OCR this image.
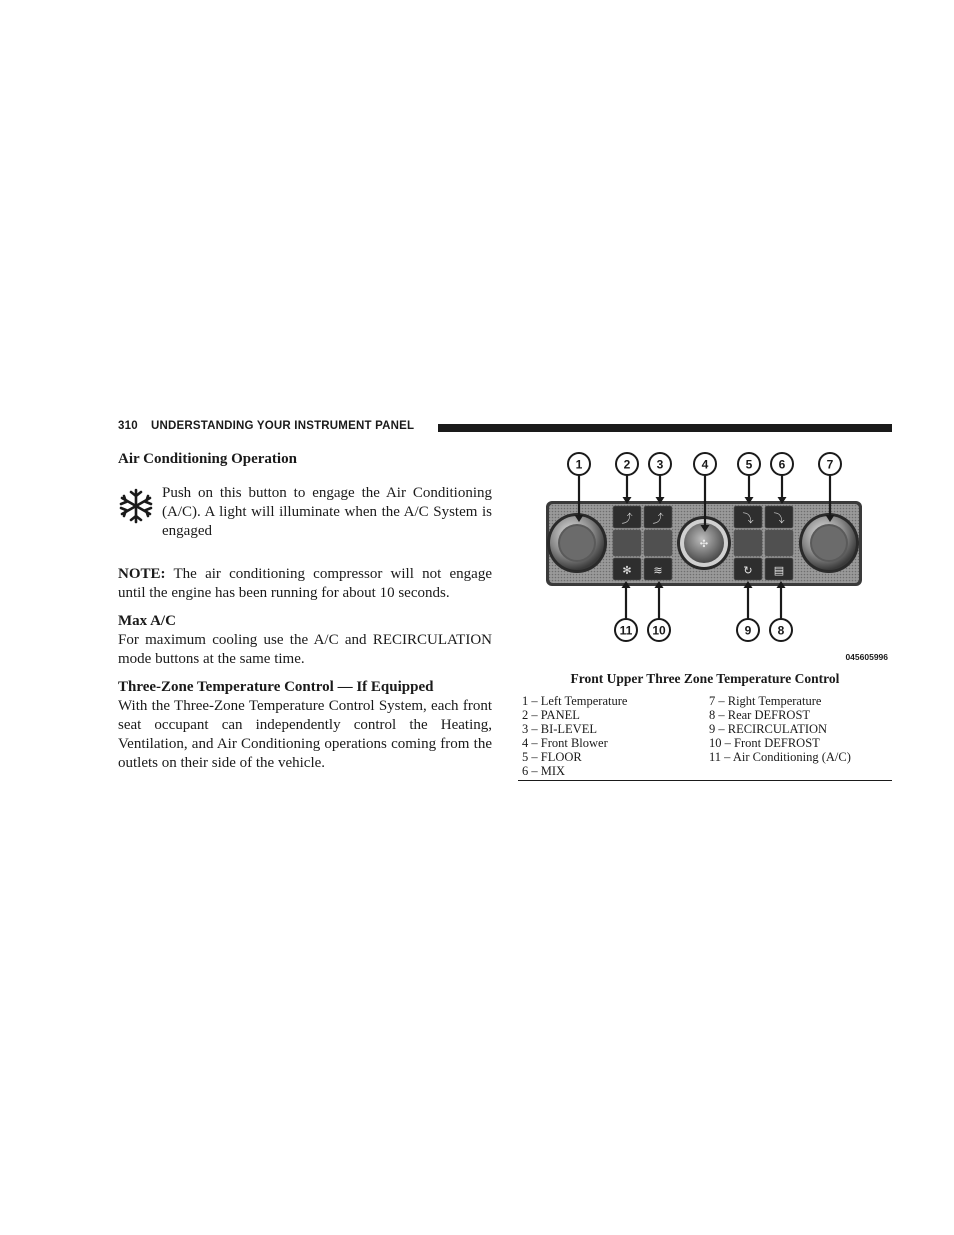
310 UNDERSTANDING YOUR INSTRUMENT PANEL

Air Conditioning Operation

Push on this button to engage the Air Conditioning (A/C). A light will illuminate when the A/C System is engaged

NOTE: The air conditioning compressor will not engage until the engine has been running for about 10 seconds.

Max A/C

For maximum cooling use the A/C and RECIRCULATION mode buttons at the same time.

Three-Zone Temperature Control — If Equipped

With the Three-Zone Temperature Control System, each front seat occupant can independently control the Heating, Ventilation, and Air Conditioning operations coming from the outlets on their side of the vehicle.

✣
⤴ ⤴	⤵ ⤵
✻ ≋	↻ ▤
1	2 3	4	5 6	7
11 10	9 8
045605996
Front Upper Three Zone Temperature Control
1 – Left Temperature
2 – PANEL
3 – BI-LEVEL
4 – Front Blower
5 – FLOOR
6 – MIX
7 – Right Temperature
8 – Rear DEFROST
9 – RECIRCULATION
10 – Front DEFROST
11 – Air Conditioning (A/C)
